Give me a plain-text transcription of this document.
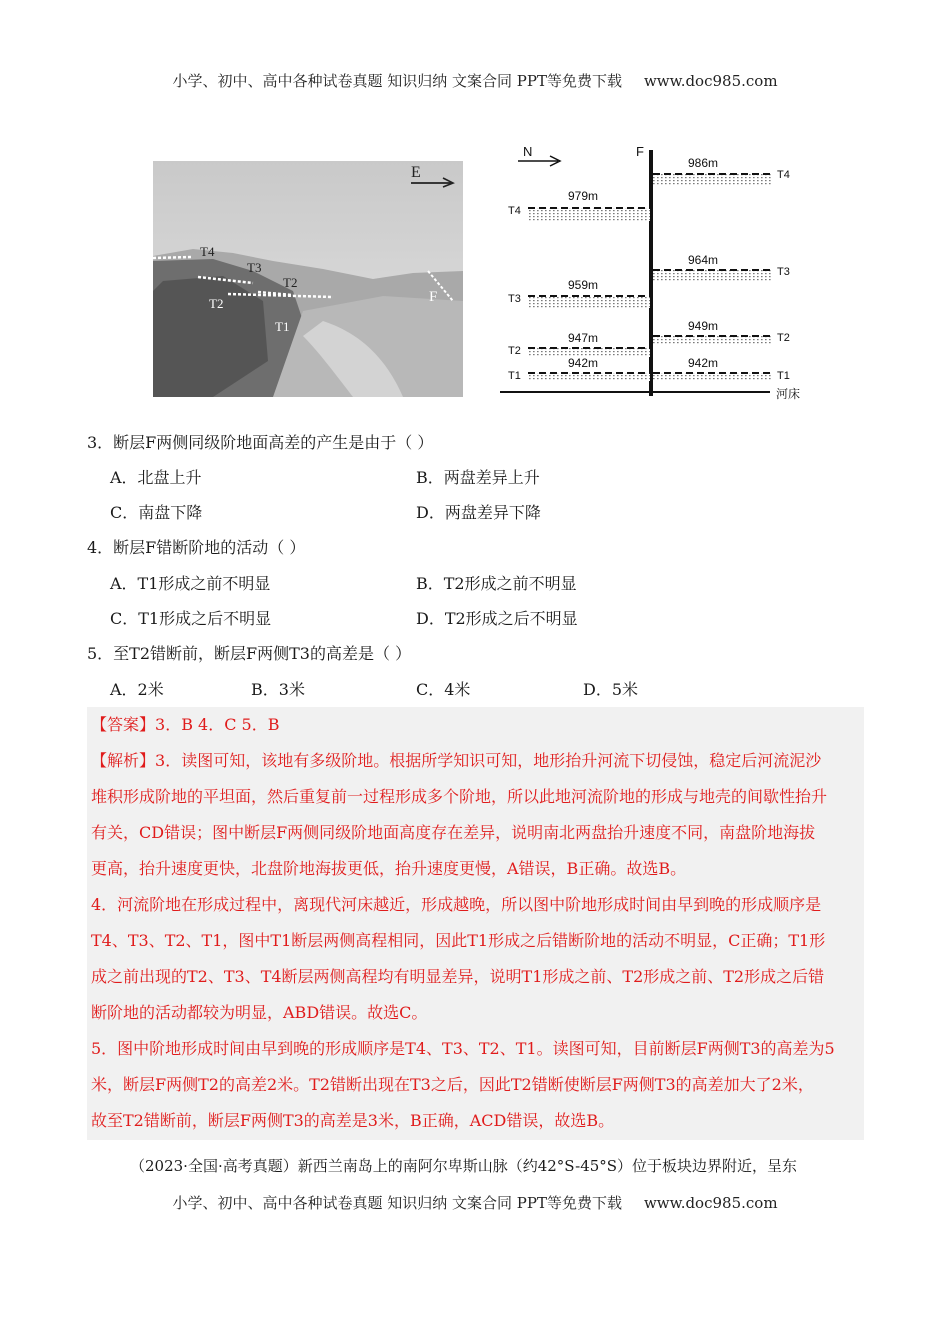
小学、初中、高中各种试卷真题 知识归纳 文案合同 PPT等免费下载 www.doc985.com
E
T4
T3
T2
T2
T1
F
N	F
河床
T4
979m
T3
959m
T2
947m
T1
942m
T4
986m
T3
964m
T2
949m
T1
942m
3．断层F两侧同级阶地面高差的产生是由于（ ）
A．北盘上升	B．两盘差异上升
C．南盘下降	D．两盘差异下降
4．断层F错断阶地的活动（ ）
A．T1形成之前不明显	B．T2形成之前不明显
C．T1形成之后不明显	D．T2形成之后不明显
5．至T2错断前，断层F两侧T3的高差是（ ）
A．2米	B．3米	C．4米	D．5米
【答案】3．B 4．C 5．B
【解析】3．读图可知，该地有多级阶地。根据所学知识可知，地形抬升河流下切侵蚀，稳定后河流泥沙
堆积形成阶地的平坦面，然后重复前一过程形成多个阶地，所以此地河流阶地的形成与地壳的间歇性抬升
有关，CD错误；图中断层F两侧同级阶地面高度存在差异，说明南北两盘抬升速度不同，南盘阶地海拔
更高，抬升速度更快，北盘阶地海拔更低，抬升速度更慢，A错误，B正确。故选B。
4．河流阶地在形成过程中，离现代河床越近，形成越晚，所以图中阶地形成时间由早到晚的形成顺序是
T4、T3、T2、T1，图中T1断层两侧高程相同，因此T1形成之后错断阶地的活动不明显，C正确；T1形
成之前出现的T2、T3、T4断层两侧高程均有明显差异，说明T1形成之前、T2形成之前、T2形成之后错
断阶地的活动都较为明显，ABD错误。故选C。
5．图中阶地形成时间由早到晚的形成顺序是T4、T3、T2、T1。读图可知，目前断层F两侧T3的高差为5
米，断层F两侧T2的高差2米。T2错断出现在T3之后，因此T2错断使断层F两侧T3的高差加大了2米，
故至T2错断前，断层F两侧T3的高差是3米，B正确，ACD错误，故选B。
（2023·全国·高考真题）新西兰南岛上的南阿尔卑斯山脉（约42°S-45°S）位于板块边界附近，呈东
小学、初中、高中各种试卷真题 知识归纳 文案合同 PPT等免费下载 www.doc985.com
